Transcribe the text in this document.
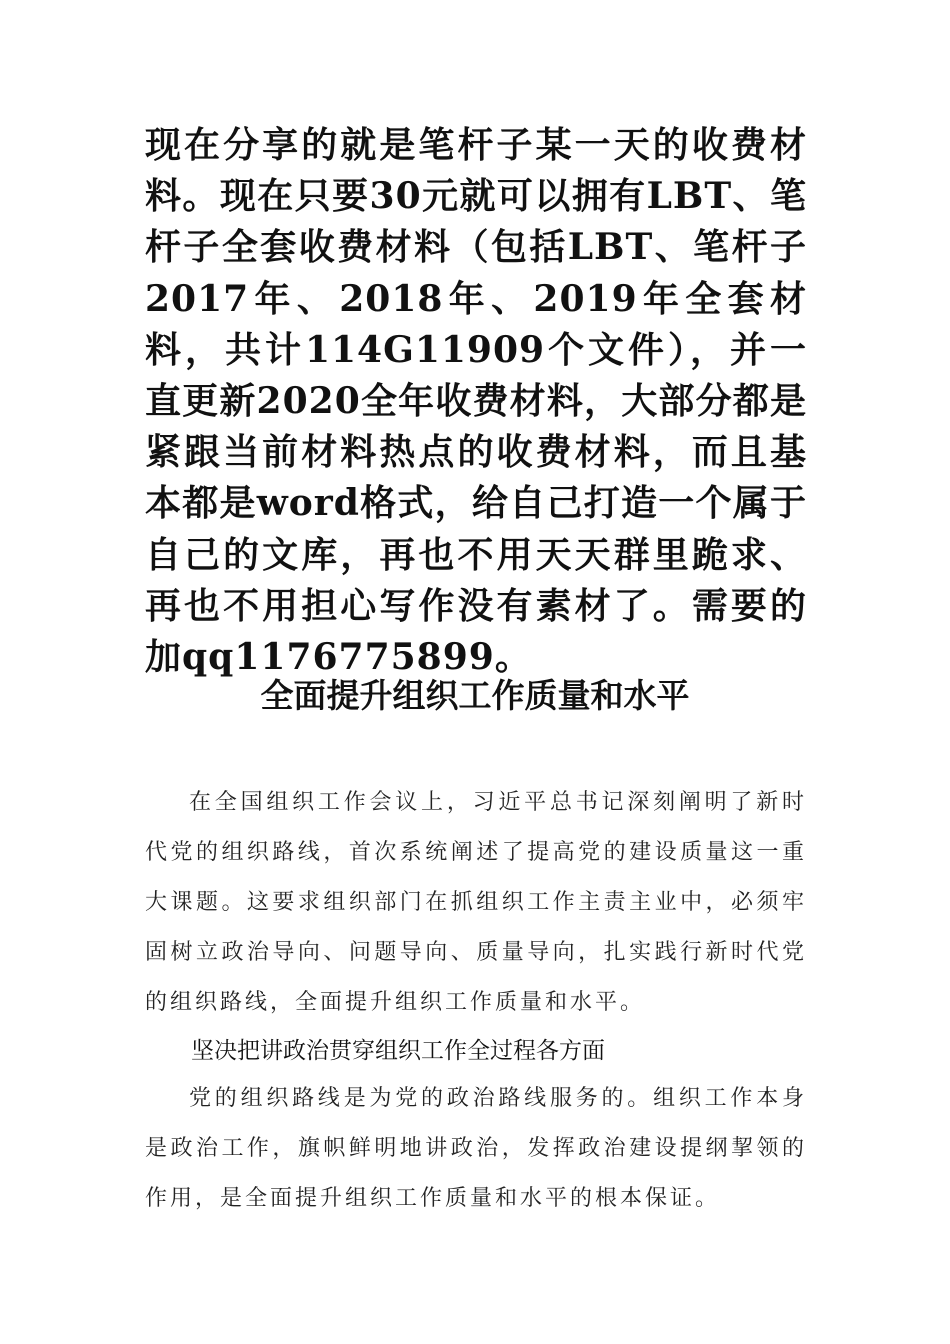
现在分享的就是笔杆子某一天的收费材料。现在只要30元就可以拥有LBT、笔杆子全套收费材料（包括LBT、笔杆子2017年、2018年、2019年全套材料，共计114G11909个文件），并一直更新2020全年收费材料，大部分都是紧跟当前材料热点的收费材料，而且基本都是word格式，给自己打造一个属于自己的文库，再也不用天天群里跪求、再也不用担心写作没有素材了。需要的加qq1176775899。
全面提升组织工作质量和水平

在全国组织工作会议上，习近平总书记深刻阐明了新时代党的组织路线，首次系统阐述了提高党的建设质量这一重大课题。这要求组织部门在抓组织工作主责主业中，必须牢固树立政治导向、问题导向、质量导向，扎实践行新时代党的组织路线，全面提升组织工作质量和水平。

坚决把讲政治贯穿组织工作全过程各方面

党的组织路线是为党的政治路线服务的。组织工作本身是政治工作，旗帜鲜明地讲政治，发挥政治建设提纲挈领的作用，是全面提升组织工作质量和水平的根本保证。
